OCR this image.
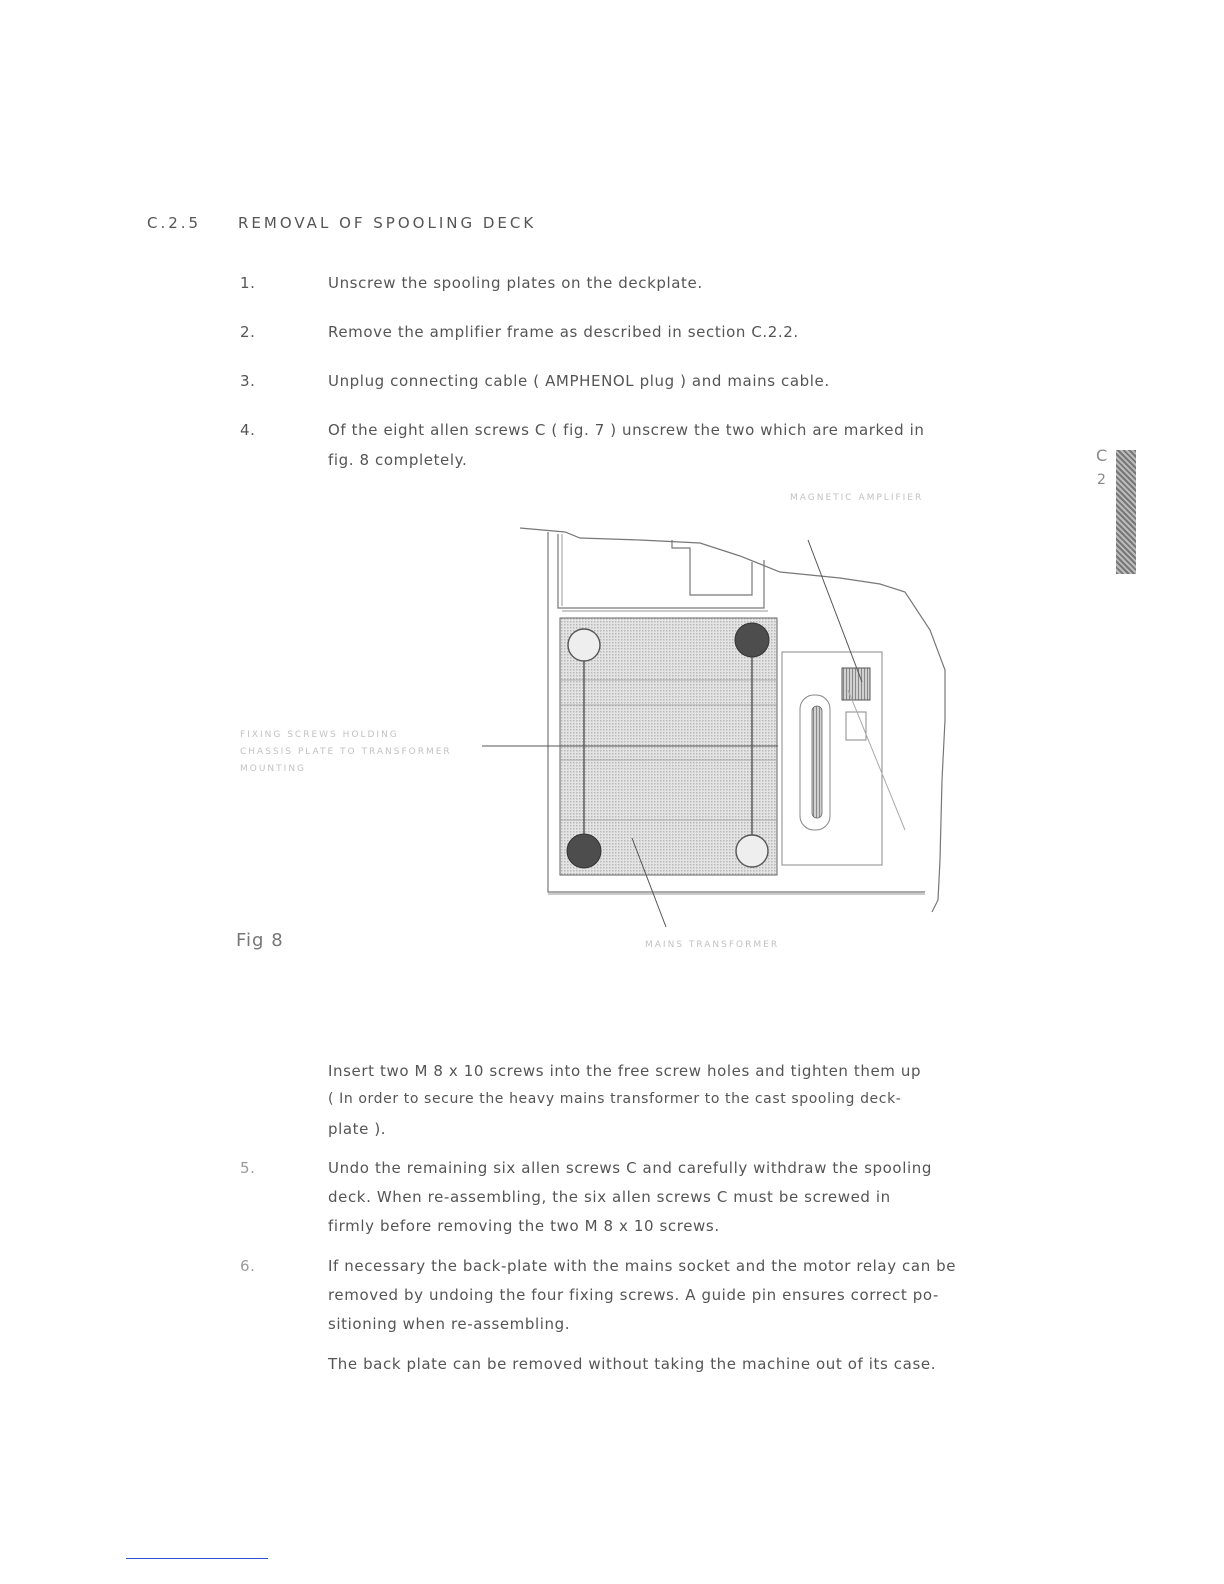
C.2.5 REMOVAL OF SPOOLING DECK
1.	Unscrew the spooling plates on the deckplate.
2.	Remove the amplifier frame as described in section C.2.2.
3.	Unplug connecting cable ( AMPHENOL plug ) and mains cable.
4.	Of the eight allen screws C ( fig. 7 ) unscrew the two which are marked in
fig. 8 completely.	C
2
MAGNETIC AMPLIFIER
FIXING SCREWS HOLDING
CHASSIS PLATE TO TRANSFORMER
MOUNTING
MAINS TRANSFORMER
Fig 8
Insert two M 8 x 10 screws into the free screw holes and tighten them up
( In order to secure the heavy mains transformer to the cast spooling deck-
plate ).
5.	Undo the remaining six allen screws C and carefully withdraw the spooling
deck. When re-assembling, the six allen screws C must be screwed in
firmly before removing the two M 8 x 10 screws.
6.	If necessary the back-plate with the mains socket and the motor relay can be
removed by undoing the four fixing screws. A guide pin ensures correct po-
sitioning when re-assembling.
The back plate can be removed without taking the machine out of its case.
